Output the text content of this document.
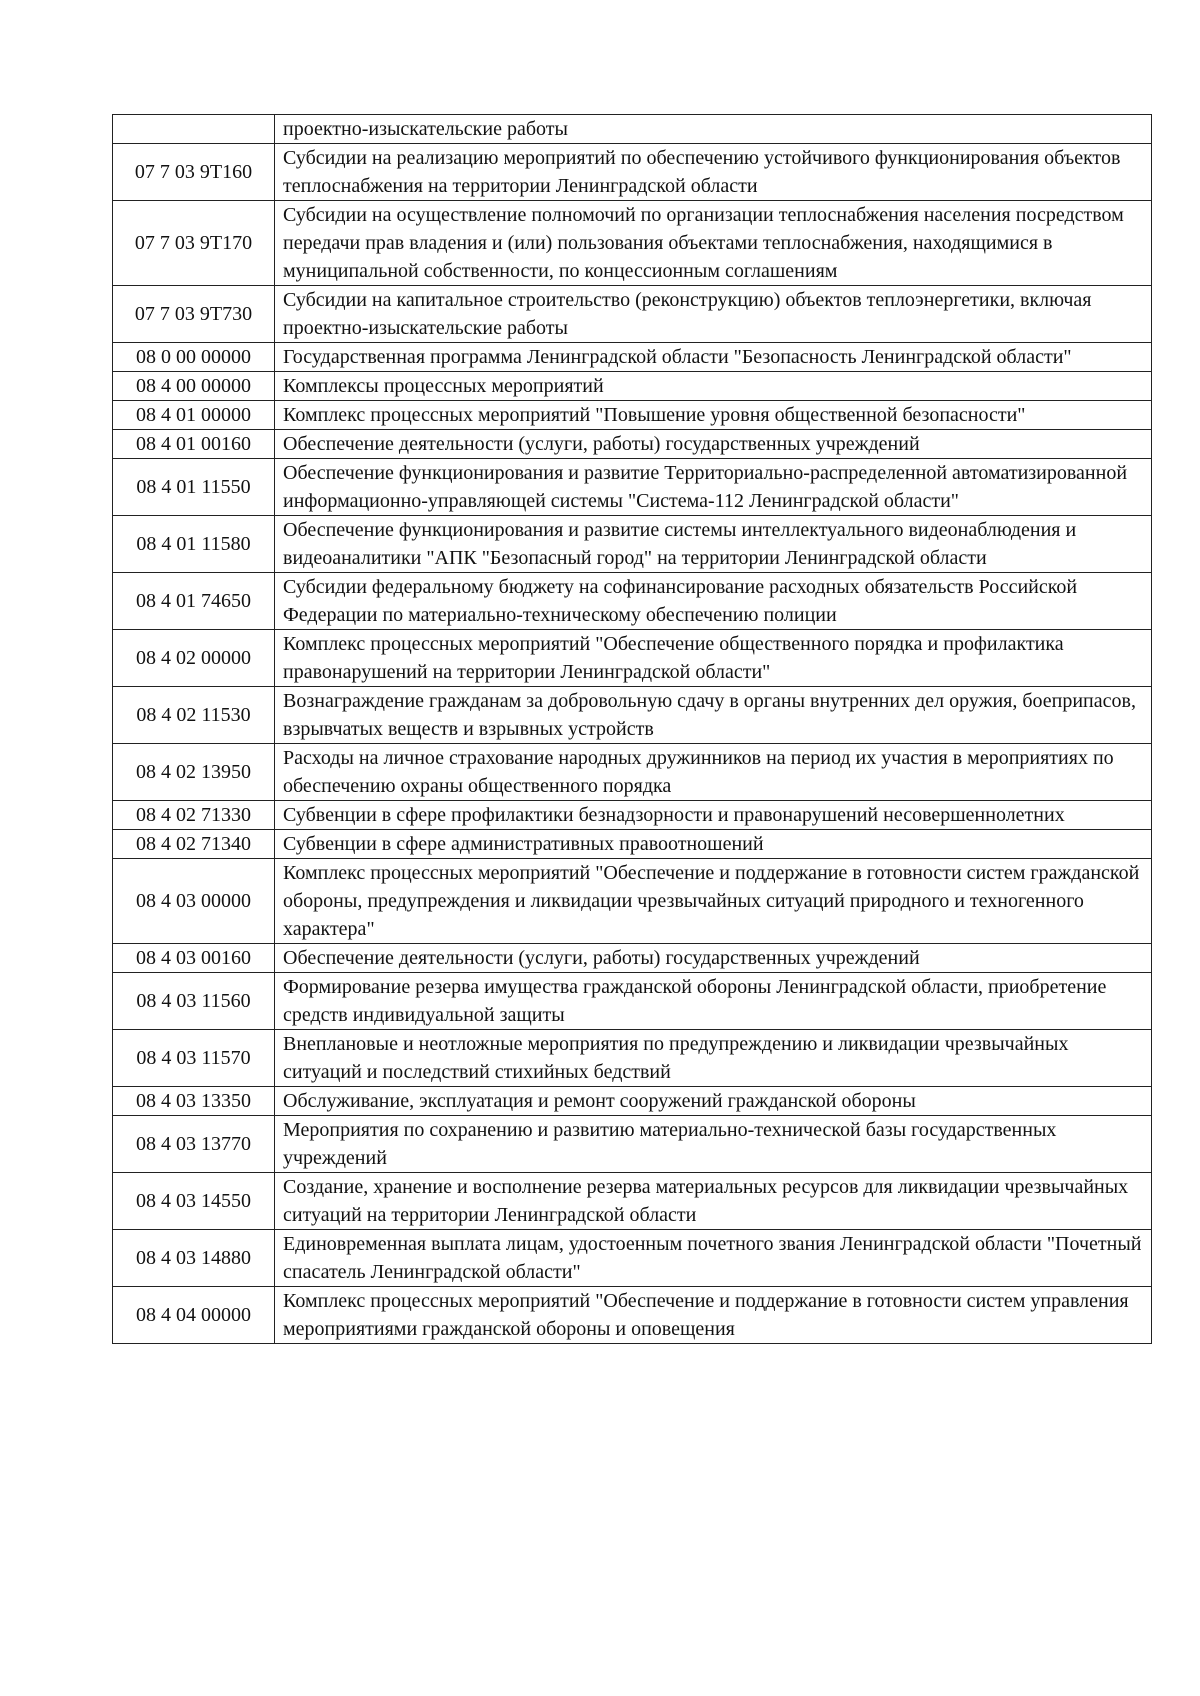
	проектно-изыскательские работы
07 7 03 9Т160	Субсидии на реализацию мероприятий по обеспечению устойчивого функционирования объектов теплоснабжения на территории Ленинградской области
07 7 03 9Т170	Субсидии на осуществление полномочий по организации теплоснабжения населения посредством передачи прав владения и (или) пользования объектами теплоснабжения, находящимися в муниципальной собственности, по концессионным соглашениям
07 7 03 9Т730	Субсидии на капитальное строительство (реконструкцию) объектов теплоэнергетики, включая проектно-изыскательские работы
08 0 00 00000	Государственная программа Ленинградской области "Безопасность Ленинградской области"
08 4 00 00000	Комплексы процессных мероприятий
08 4 01 00000	Комплекс процессных мероприятий "Повышение уровня общественной безопасности"
08 4 01 00160	Обеспечение деятельности (услуги, работы) государственных учреждений
08 4 01 11550	Обеспечение функционирования и развитие Территориально-распределенной автоматизированной информационно-управляющей системы "Система-112 Ленинградской области"
08 4 01 11580	Обеспечение функционирования и развитие системы интеллектуального видеонаблюдения и видеоаналитики "АПК "Безопасный город" на территории Ленинградской области
08 4 01 74650	Субсидии федеральному бюджету на софинансирование расходных обязательств Российской Федерации по материально-техническому обеспечению полиции
08 4 02 00000	Комплекс процессных мероприятий "Обеспечение общественного порядка и профилактика правонарушений на территории Ленинградской области"
08 4 02 11530	Вознаграждение гражданам за добровольную сдачу в органы внутренних дел оружия, боеприпасов, взрывчатых веществ и взрывных устройств
08 4 02 13950	Расходы на личное страхование народных дружинников на период их участия в мероприятиях по обеспечению охраны общественного порядка
08 4 02 71330	Субвенции в сфере профилактики безнадзорности и правонарушений несовершеннолетних
08 4 02 71340	Субвенции в сфере административных правоотношений
08 4 03 00000	Комплекс процессных мероприятий "Обеспечение и поддержание в готовности систем гражданской обороны, предупреждения и ликвидации чрезвычайных ситуаций природного и техногенного характера"
08 4 03 00160	Обеспечение деятельности (услуги, работы) государственных учреждений
08 4 03 11560	Формирование резерва имущества гражданской обороны Ленинградской области, приобретение средств индивидуальной защиты
08 4 03 11570	Внеплановые и неотложные мероприятия по предупреждению и ликвидации чрезвычайных ситуаций и последствий стихийных бедствий
08 4 03 13350	Обслуживание, эксплуатация и ремонт сооружений гражданской обороны
08 4 03 13770	Мероприятия по сохранению и развитию материально-технической базы государственных учреждений
08 4 03 14550	Создание, хранение и восполнение резерва материальных ресурсов для ликвидации чрезвычайных ситуаций на территории Ленинградской области
08 4 03 14880	Единовременная выплата лицам, удостоенным почетного звания Ленинградской области "Почетный спасатель Ленинградской области"
08 4 04 00000	Комплекс процессных мероприятий "Обеспечение и поддержание в готовности систем управления мероприятиями гражданской обороны и оповещения
